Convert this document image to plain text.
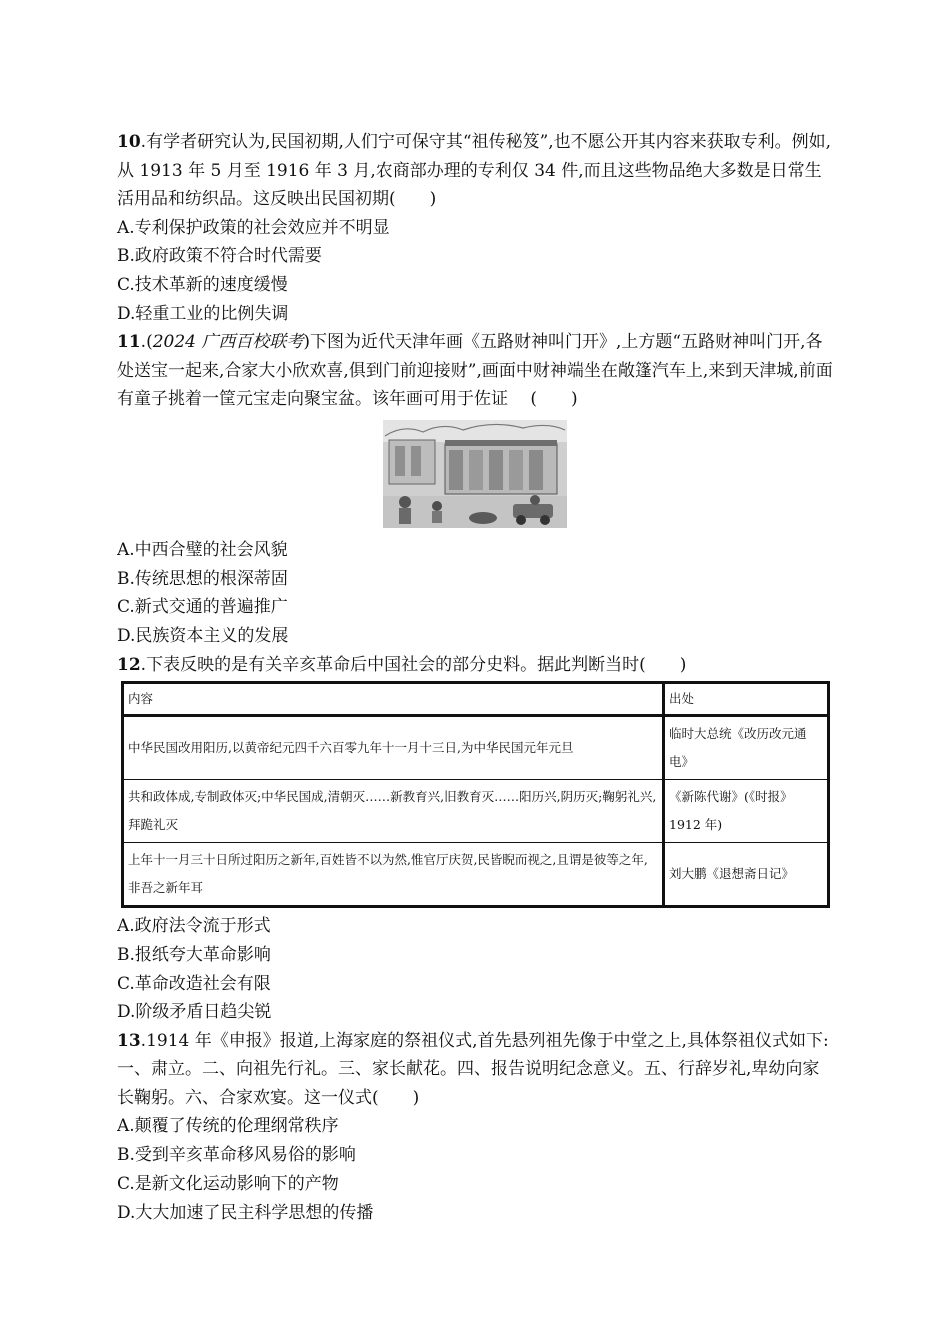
10.有学者研究认为,民国初期,人们宁可保守其“祖传秘笈”,也不愿公开其内容来获取专利。例如,从 1913 年 5 月至 1916 年 3 月,农商部办理的专利仅 34 件,而且这些物品绝大多数是日常生活用品和纺织品。这反映出民国初期(　　)

A.专利保护政策的社会效应并不明显

B.政府政策不符合时代需要

C.技术革新的速度缓慢

D.轻重工业的比例失调

11.(2024 广西百校联考)下图为近代天津年画《五路财神叫门开》,上方题“五路财神叫门开,各处送宝一起来,合家大小欣欢喜,俱到门前迎接财”,画面中财神端坐在敞篷汽车上,来到天津城,前面有童子挑着一筐元宝走向聚宝盆。该年画可用于佐证　 (　　)

A.中西合璧的社会风貌

B.传统思想的根深蒂固

C.新式交通的普遍推广

D.民族资本主义的发展

12.下表反映的是有关辛亥革命后中国社会的部分史料。据此判断当时(　　)

内容	出处
中华民国改用阳历,以黄帝纪元四千六百零九年十一月十三日,为中华民国元年元旦	临时大总统《改历改元通电》
共和政体成,专制政体灭;中华民国成,清朝灭……新教育兴,旧教育灭……阳历兴,阴历灭;鞠躬礼兴,拜跪礼灭	《新陈代谢》(《时报》1912 年)
上年十一月三十日所过阳历之新年,百姓皆不以为然,惟官厅庆贺,民皆睨而视之,且谓是彼等之年,非吾之新年耳	刘大鹏《退想斋日记》

A.政府法令流于形式

B.报纸夸大革命影响

C.革命改造社会有限

D.阶级矛盾日趋尖锐

13.1914 年《申报》报道,上海家庭的祭祖仪式,首先悬列祖先像于中堂之上,具体祭祖仪式如下:一、肃立。二、向祖先行礼。三、家长献花。四、报告说明纪念意义。五、行辞岁礼,卑幼向家长鞠躬。六、合家欢宴。这一仪式(　　)

A.颠覆了传统的伦理纲常秩序

B.受到辛亥革命移风易俗的影响

C.是新文化运动影响下的产物

D.大大加速了民主科学思想的传播
